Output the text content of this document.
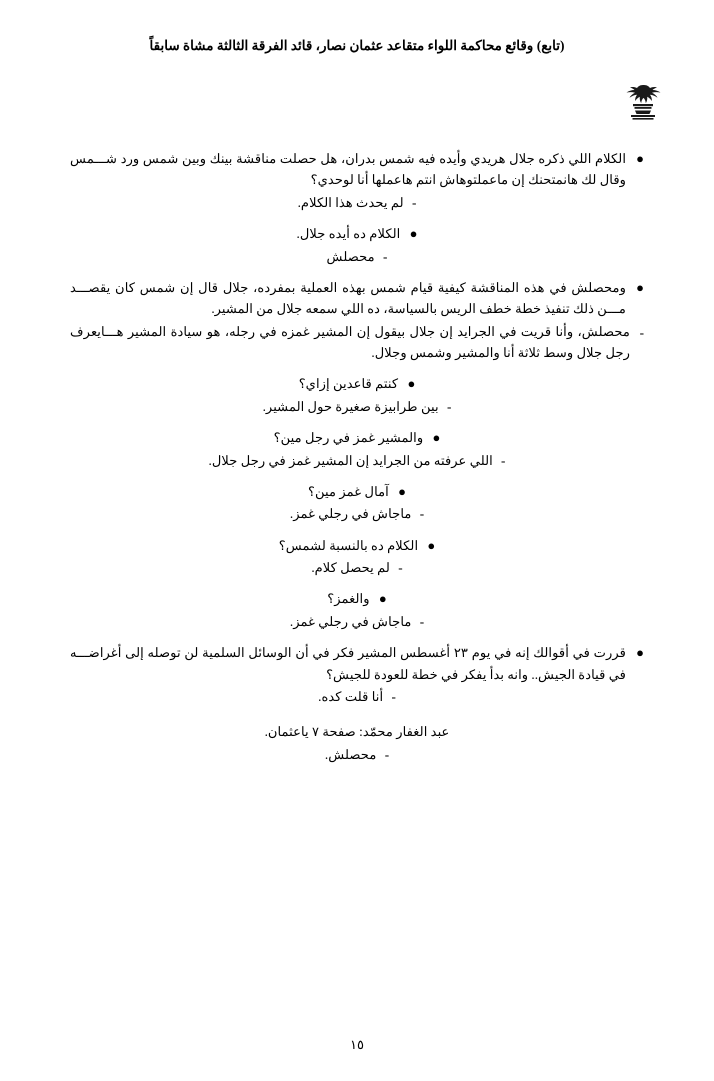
(تابع) وقائع محاكمة اللواء متقاعد عثمان نصار، قائد الفرقة الثالثة مشاة سابقاً
●
الكلام اللي ذكره جلال هريدي وأيده فيه شمس بدران، هل حصلت مناقشة بينك وبين شمس ورد شـــمس وقال لك هانمتحنك إن ماعملتوهاش انتم هاعملها أنا لوحدي؟
- لم يحدث هذا الكلام.
● الكلام ده أيده جلال.
- محصلش
●
ومحصلش في هذه المناقشة كيفية قيام شمس بهذه العملية بمفرده، جلال قال إن شمس كان يقصـــد مـــن ذلك تنفيذ خطة خطف الريس بالسياسة، ده اللي سمعه جلال من المشير.
-
محصلش، وأنا قريت في الجرايد إن جلال بيقول إن المشير غمزه في رجله، هو سيادة المشير هـــايعرف رجل جلال وسط ثلاثة أنا والمشير وشمس وجلال.
● كنتم قاعدين إزاي؟
- بين طرابيزة صغيرة حول المشير.
● والمشير غمز في رجل مين؟
- اللي عرفته من الجرايد إن المشير غمز في رجل جلال.
● آمال غمز مين؟
- ماجاش في رجلي غمز.
● الكلام ده بالنسبة لشمس؟
- لم يحصل كلام.
● والغمز؟
- ماجاش في رجلي غمز.
●
قررت في أقوالك إنه في يوم ٢٣ أغسطس المشير فكر في أن الوسائل السلمية لن توصله إلى أغراضـــه في قيادة الجيش.. وانه بدأ يفكر في خطة للعودة للجيش؟
- أنا قلت كده.
عبد الغفار محمّد: صفحة ٧ ياعثمان.
- محصلش.
١٥
